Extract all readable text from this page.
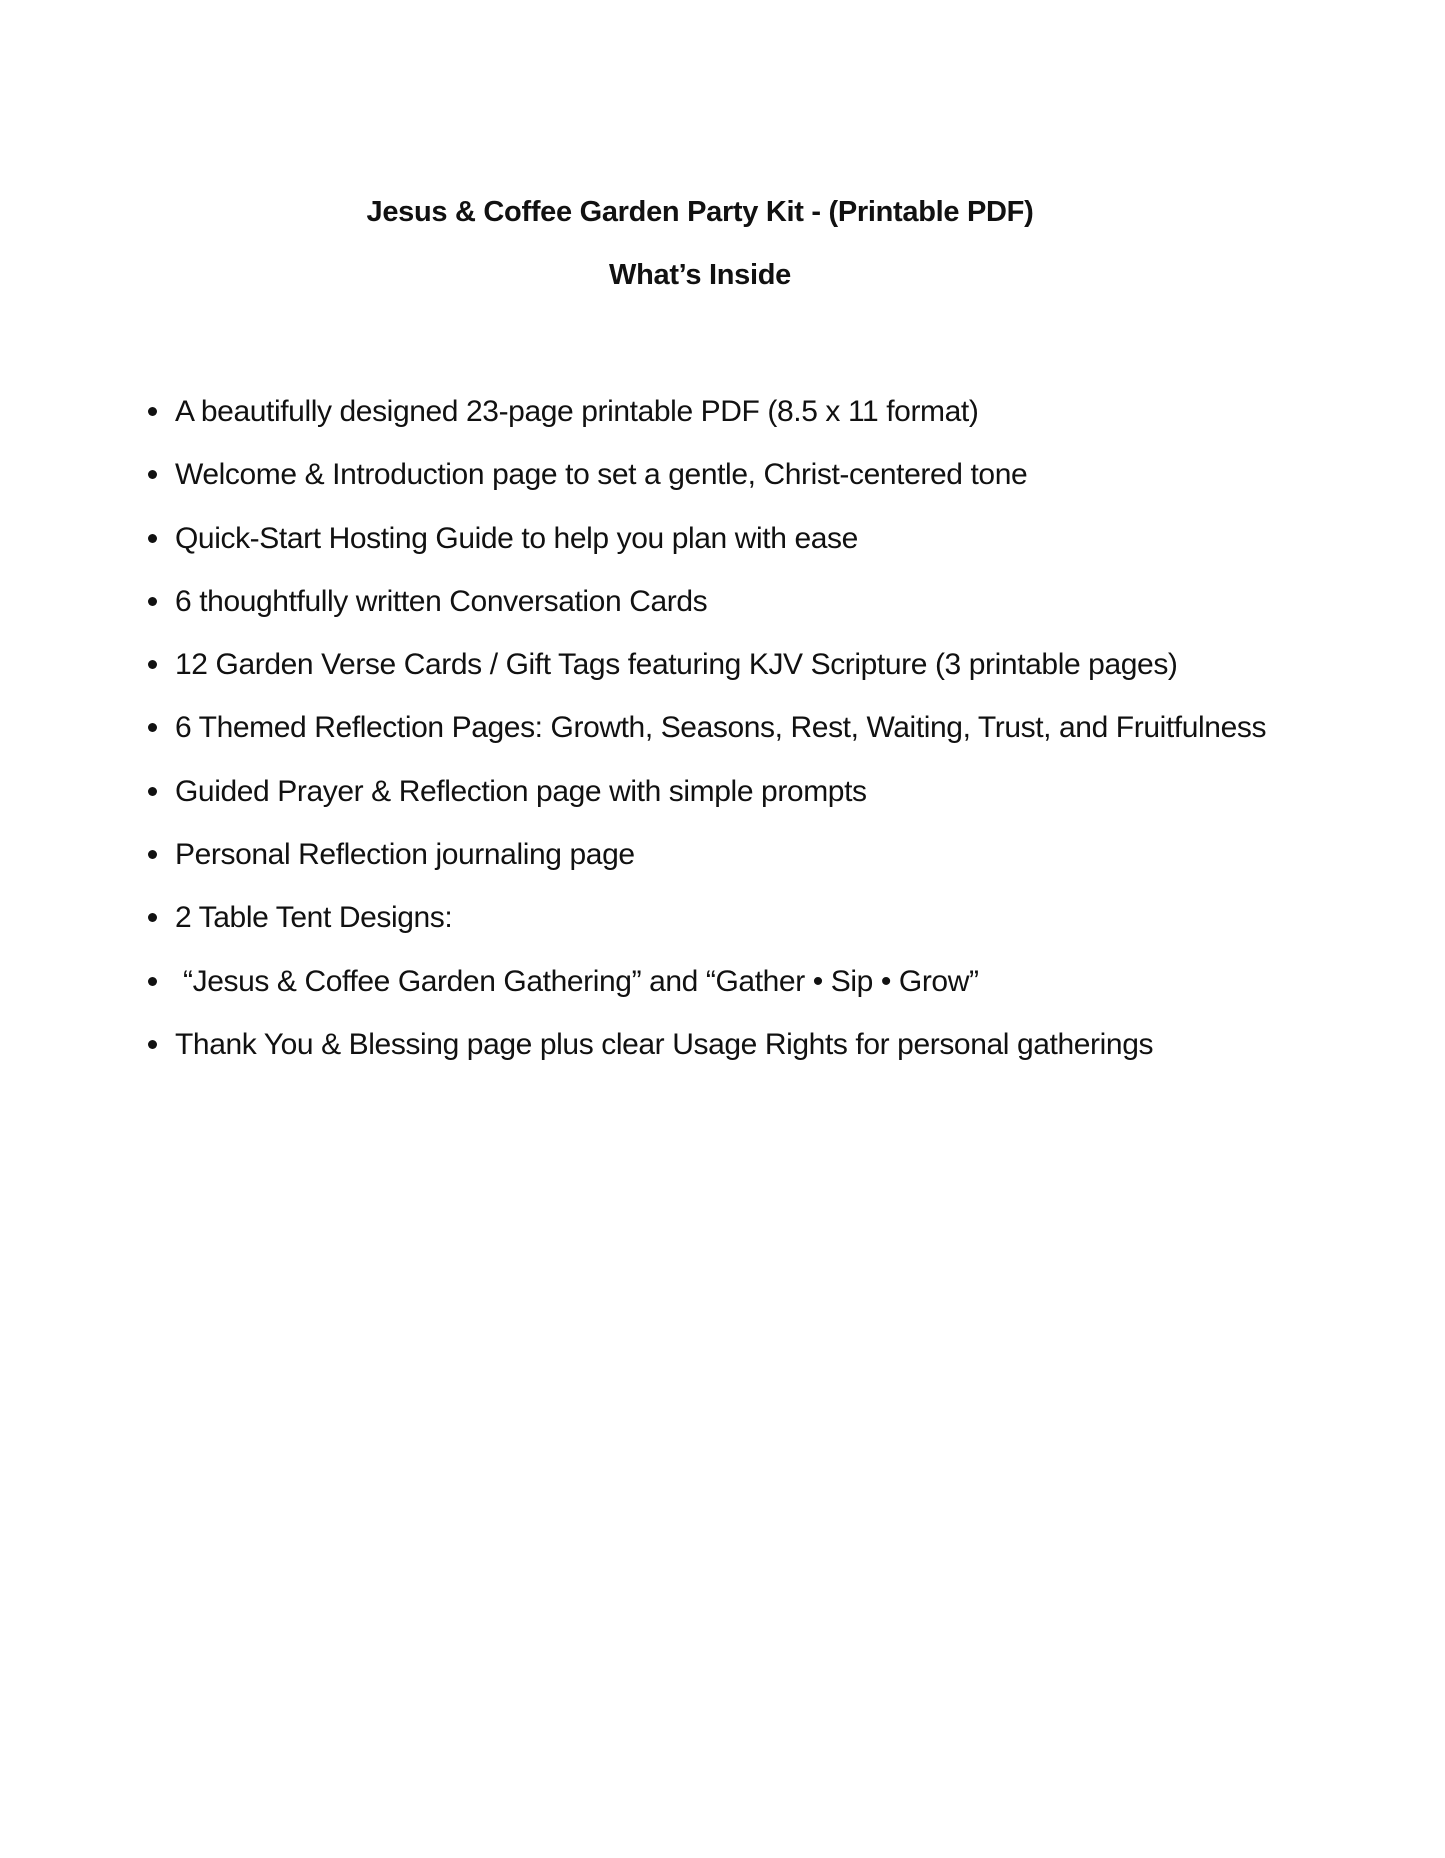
Jesus & Coffee Garden Party Kit - (Printable PDF)
What’s Inside
A beautifully designed 23-page printable PDF (8.5 x 11 format)
Welcome & Introduction page to set a gentle, Christ-centered tone
Quick-Start Hosting Guide to help you plan with ease
6 thoughtfully written Conversation Cards
12 Garden Verse Cards / Gift Tags featuring KJV Scripture (3 printable pages)
6 Themed Reflection Pages: Growth, Seasons, Rest, Waiting, Trust, and Fruitfulness
Guided Prayer & Reflection page with simple prompts
Personal Reflection journaling page
2 Table Tent Designs:
“Jesus & Coffee Garden Gathering” and “Gather • Sip • Grow”
Thank You & Blessing page plus clear Usage Rights for personal gatherings
